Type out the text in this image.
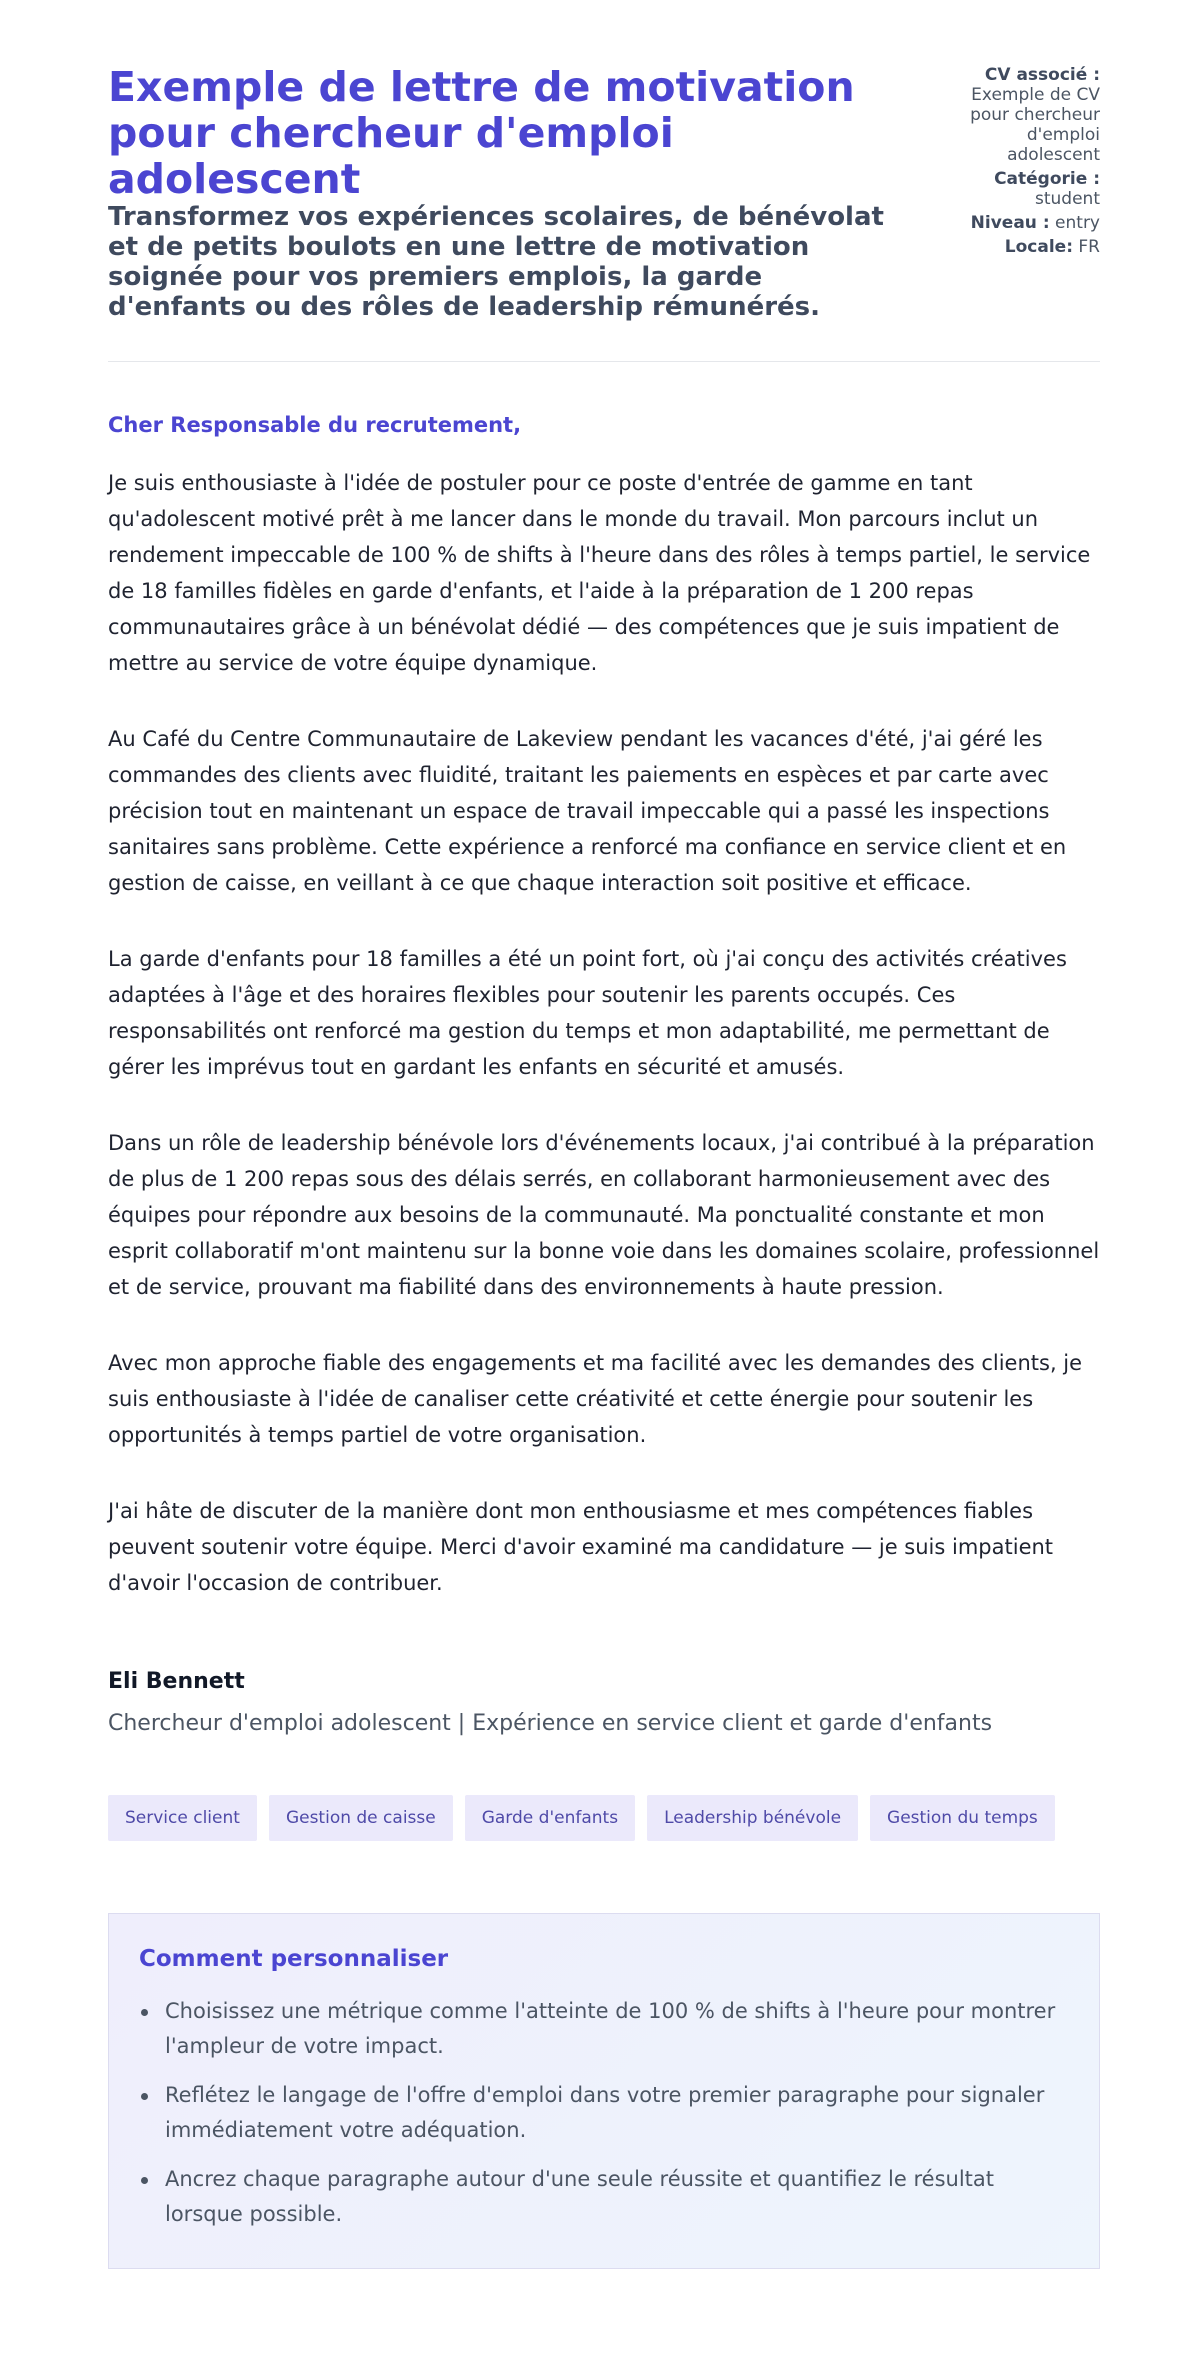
Exemple de lettre de motivation pour chercheur d'emploi adolescent
Transformez vos expériences scolaires, de bénévolat et de petits boulots en une lettre de motivation soignée pour vos premiers emplois, la garde d'enfants ou des rôles de leadership rémunérés.
CV associé :
Exemple de CV pour chercheur d'emploi adolescent
Catégorie :
student
Niveau : entry
Locale: FR
Cher Responsable du recrutement,

Je suis enthousiaste à l'idée de postuler pour ce poste d'entrée de gamme en tant qu'adolescent motivé prêt à me lancer dans le monde du travail. Mon parcours inclut un rendement impeccable de 100 % de shifts à l'heure dans des rôles à temps partiel, le service de 18 familles fidèles en garde d'enfants, et l'aide à la préparation de 1 200 repas communautaires grâce à un bénévolat dédié — des compétences que je suis impatient de mettre au service de votre équipe dynamique.

Au Café du Centre Communautaire de Lakeview pendant les vacances d'été, j'ai géré les commandes des clients avec fluidité, traitant les paiements en espèces et par carte avec précision tout en maintenant un espace de travail impeccable qui a passé les inspections sanitaires sans problème. Cette expérience a renforcé ma confiance en service client et en gestion de caisse, en veillant à ce que chaque interaction soit positive et efficace.

La garde d'enfants pour 18 familles a été un point fort, où j'ai conçu des activités créatives adaptées à l'âge et des horaires flexibles pour soutenir les parents occupés. Ces responsabilités ont renforcé ma gestion du temps et mon adaptabilité, me permettant de gérer les imprévus tout en gardant les enfants en sécurité et amusés.

Dans un rôle de leadership bénévole lors d'événements locaux, j'ai contribué à la préparation de plus de 1 200 repas sous des délais serrés, en collaborant harmonieusement avec des équipes pour répondre aux besoins de la communauté. Ma ponctualité constante et mon esprit collaboratif m'ont maintenu sur la bonne voie dans les domaines scolaire, professionnel et de service, prouvant ma fiabilité dans des environnements à haute pression.

Avec mon approche fiable des engagements et ma facilité avec les demandes des clients, je suis enthousiaste à l'idée de canaliser cette créativité et cette énergie pour soutenir les opportunités à temps partiel de votre organisation.

J'ai hâte de discuter de la manière dont mon enthousiasme et mes compétences fiables peuvent soutenir votre équipe. Merci d'avoir examiné ma candidature — je suis impatient d'avoir l'occasion de contribuer.

Eli Bennett
Chercheur d'emploi adolescent | Expérience en service client et garde d'enfants
Service client	Gestion de caisse	Garde d'enfants	Leadership bénévole	Gestion du temps
Comment personnaliser
Choisissez une métrique comme l'atteinte de 100 % de shifts à l'heure pour montrer l'ampleur de votre impact.
Reflétez le langage de l'offre d'emploi dans votre premier paragraphe pour signaler immédiatement votre adéquation.
Ancrez chaque paragraphe autour d'une seule réussite et quantifiez le résultat lorsque possible.
